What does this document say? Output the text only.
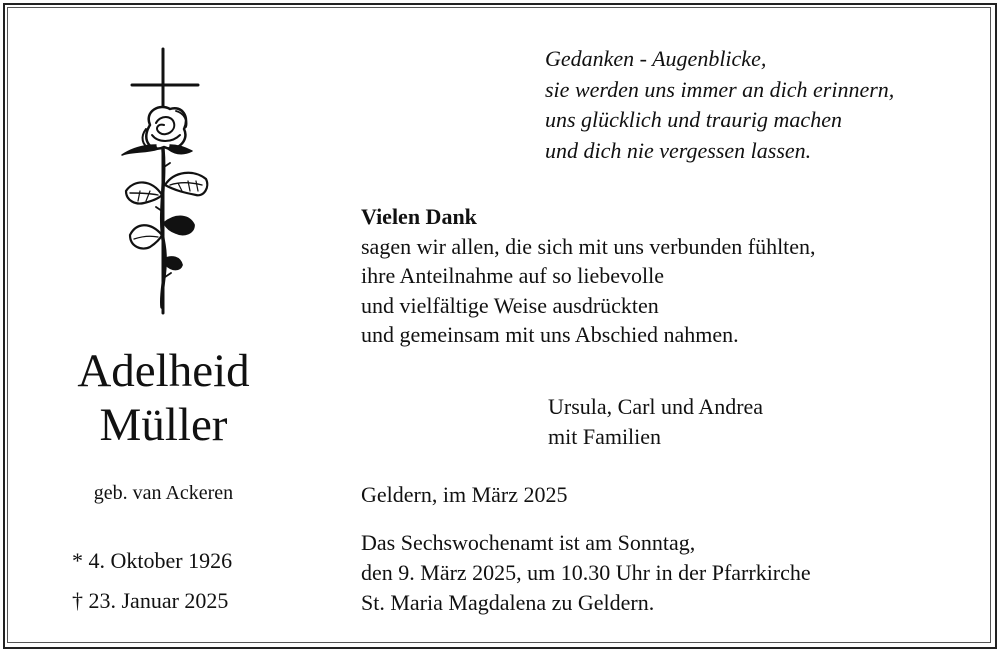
Gedanken - Augenblicke,
sie werden uns immer an dich erinnern,
uns glücklich und traurig machen
und dich nie vergessen lassen.
Vielen Dank
sagen wir allen, die sich mit uns verbunden fühlten,
ihre Anteilnahme auf so liebevolle
und vielfältige Weise ausdrückten
und gemeinsam mit uns Abschied nahmen.
Ursula, Carl und Andrea
mit Familien
Geldern, im März 2025
Das Sechswochenamt ist am Sonntag,
den 9. März 2025, um 10.30 Uhr in der Pfarrkirche
St. Maria Magdalena zu Geldern.
Adelheid
Müller
geb. van Ackeren
* 4. Oktober 1926
† 23. Januar 2025
